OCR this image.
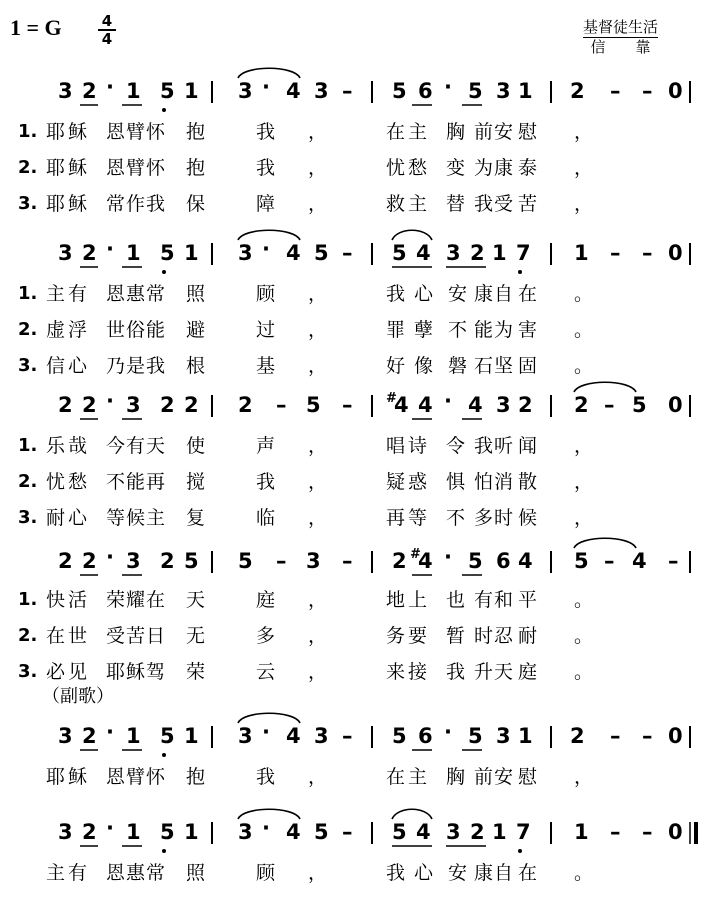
1 = G $\frac{4}{4}$	基督徒生活
信　　靠
（副歌）
3 2 · 1 5 1 3 · 4 3 – 5 6 · 5 3 1 2 – – 0
1. 耶 稣 恩 臂 怀 抱	我 ，	在 主 胸 前 安 慰 ，
2. 耶 稣 恩 臂 怀 抱	我 ，	忧 愁 变 为 康 泰 ，
3. 耶 稣 常 作 我 保	障 ，	救 主 替 我 受 苦 ，
3 2 · 1 5 1 3 · 4 5 – 5 4 3 2 1 7 1 – – 0
1. 主 有 恩 惠 常 照	顾 ，	我 心 安 康 自 在 。
2. 虚 浮 世 俗 能 避	过 ，	罪 孽 不 能 为 害 。
3. 信 心 乃 是 我 根	基 ，	好 像 磐 石 坚 固 。
2 2 · 3 2 2 2 – 5 – 4 4 · 4 3 2 2 – 5 0
#
1. 乐 哉 今 有 天 使	声 ，	唱 诗 令 我 听 闻 ，
2. 忧 愁 不 能 再 搅	我 ，	疑 惑 惧 怕 消 散 ，
3. 耐 心 等 候 主 复	临 ，	再 等 不 多 时 候 ，
2 2 · 3 2 5 5 – 3 – 2 4 · 5 6 4 5 – 4 –
#
1. 快 活 荣 耀 在 天	庭 ，	地 上 也 有 和 平 。
2. 在 世 受 苦 日 无	多 ，	务 要 暂 时 忍 耐 。
3. 必 见 耶 稣 驾 荣	云 ，	来 接 我 升 天 庭 。
3 2 · 1 5 1 3 · 4 3 – 5 6 · 5 3 1 2 – – 0
耶 稣 恩 臂 怀 抱	我 ，	在 主 胸 前 安 慰 ，
3 2 · 1 5 1 3 · 4 5 – 5 4 3 2 1 7 1 – – 0
主 有 恩 惠 常 照	顾 ，	我 心 安 康 自 在 。
